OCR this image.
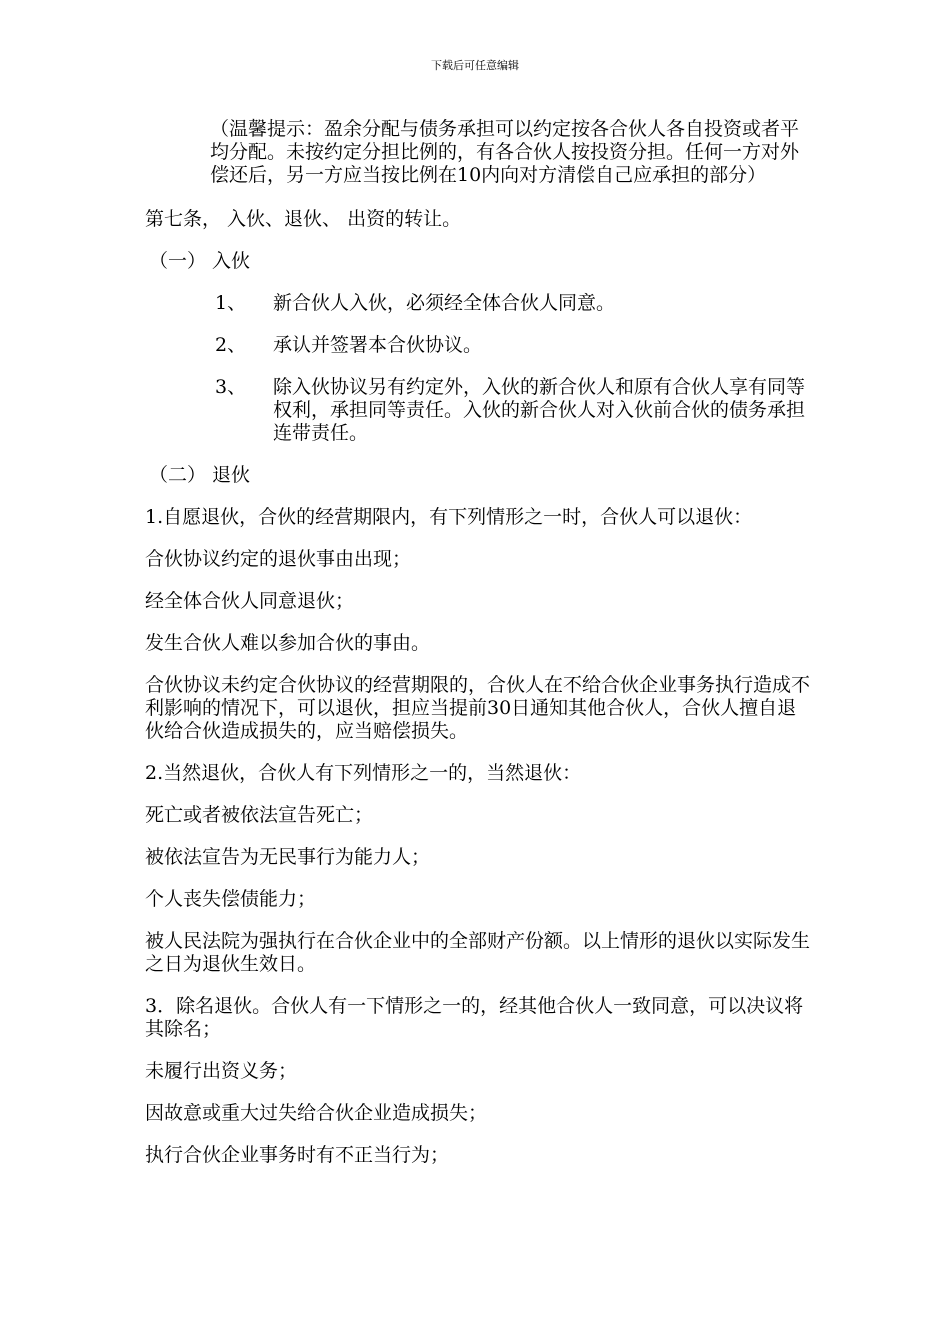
下载后可任意编辑
（温馨提示：盈余分配与债务承担可以约定按各合伙人各自投资或者平均分配。未按约定分担比例的，有各合伙人按投资分担。任何一方对外偿还后，另一方应当按比例在10内向对方清偿自己应承担的部分）
第七条， 入伙、退伙、 出资的转让。
（一） 入伙
1、 新合伙人入伙，必须经全体合伙人同意。
2、 承认并签署本合伙协议。
3、 除入伙协议另有约定外，入伙的新合伙人和原有合伙人享有同等权利，承担同等责任。入伙的新合伙人对入伙前合伙的债务承担连带责任。
（二） 退伙
1.自愿退伙，合伙的经营期限内，有下列情形之一时，合伙人可以退伙：
合伙协议约定的退伙事由出现；
经全体合伙人同意退伙；
发生合伙人难以参加合伙的事由。
合伙协议未约定合伙协议的经营期限的，合伙人在不给合伙企业事务执行造成不利影响的情况下，可以退伙，担应当提前30日通知其他合伙人，合伙人擅自退伙给合伙造成损失的，应当赔偿损失。
2.当然退伙，合伙人有下列情形之一的，当然退伙：
死亡或者被依法宣告死亡；
被依法宣告为无民事行为能力人；
个人丧失偿债能力；
被人民法院为强执行在合伙企业中的全部财产份额。以上情形的退伙以实际发生之日为退伙生效日。
3．除名退伙。合伙人有一下情形之一的，经其他合伙人一致同意，可以决议将其除名；
未履行出资义务；
因故意或重大过失给合伙企业造成损失；
执行合伙企业事务时有不正当行为；
